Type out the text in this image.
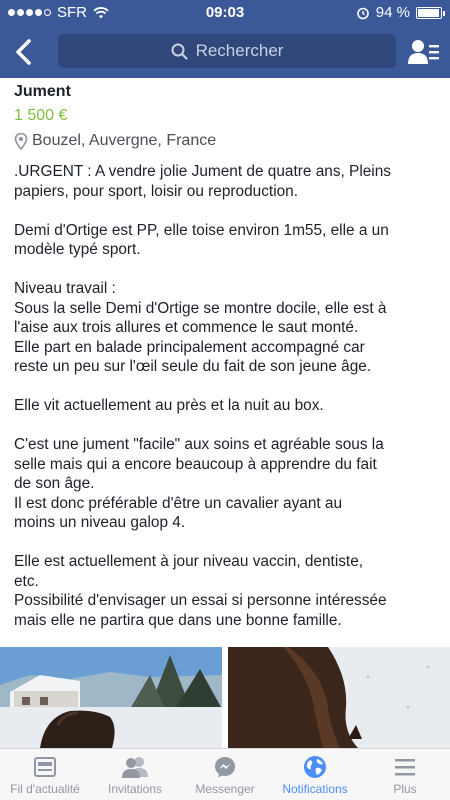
SFR	09:03	94 %
Rechercher
Jument
1 500 €
Bouzel, Auvergne, France

.URGENT : A vendre jolie Jument de quatre ans, Pleins
papiers, pour sport, loisir ou reproduction.

Demi d'Ortige est PP, elle toise environ 1m55, elle a un
modèle typé sport.

Niveau travail :
Sous la selle Demi d'Ortige se montre docile, elle est à
l'aise aux trois allures et commence le saut monté.
Elle part en balade principalement accompagné car
reste un peu sur l'œil seule du fait de son jeune âge.

Elle vit actuellement au près et la nuit au box.

C'est une jument "facile" aux soins et agréable sous la
selle mais qui a encore beaucoup à apprendre du fait
de son âge.
Il est donc préférable d'être un cavalier ayant au
moins un niveau galop 4.

Elle est actuellement à jour niveau vaccin, dentiste,
etc.
Possibilité d'envisager un essai si personne intéressée
mais elle ne partira que dans une bonne famille.

Fil d'actualité Invitations	Messenger Notifications	Plus
